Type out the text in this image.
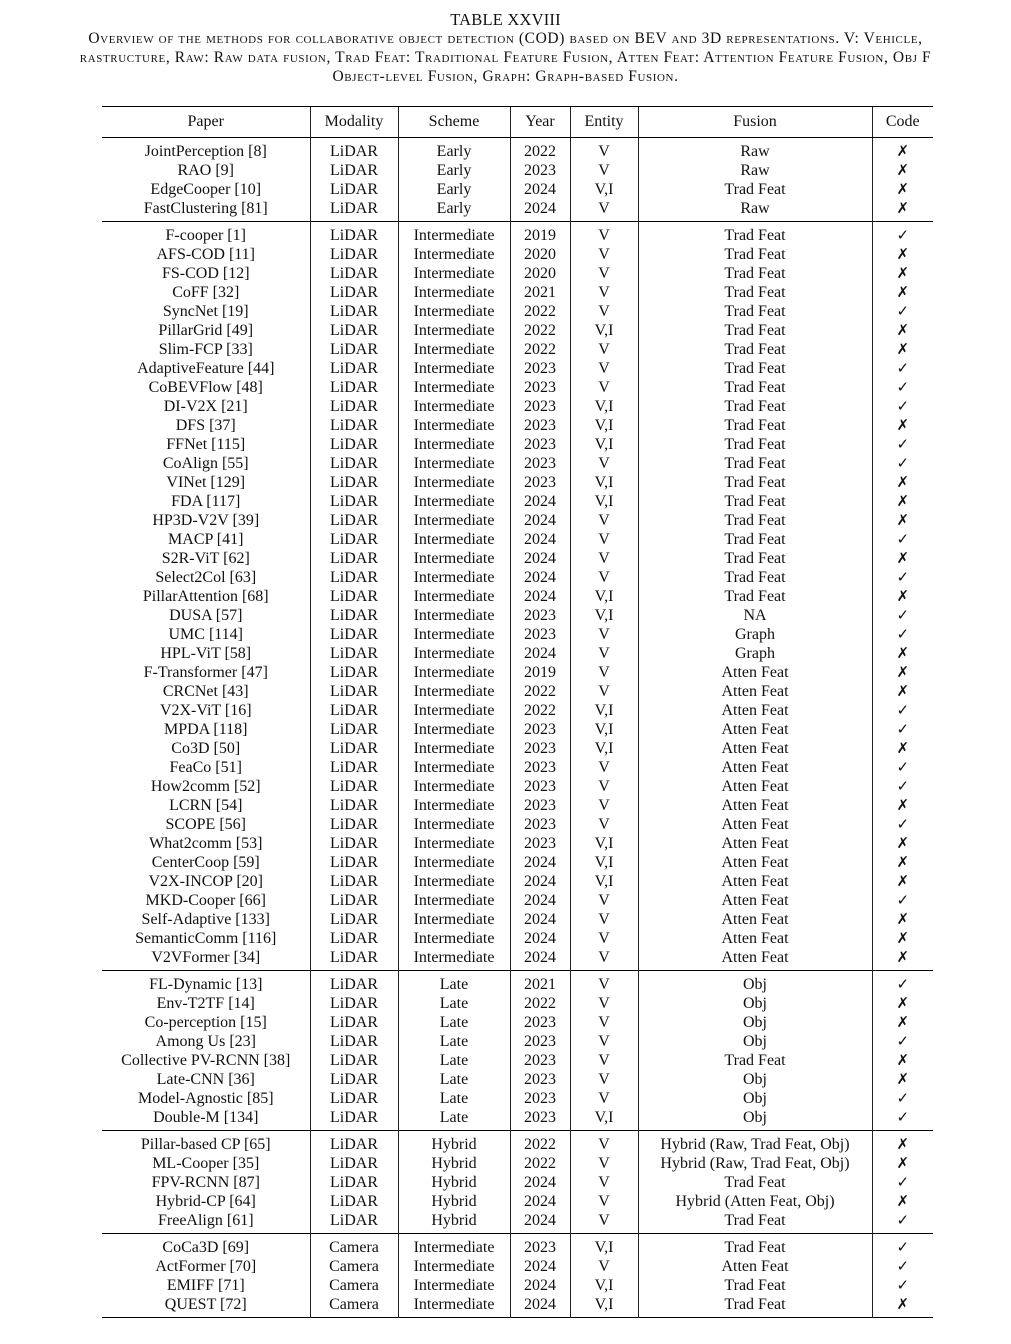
TABLE XXVIII
Overview of the methods for collaborative object detection (COD) based on BEV and 3D representations. V: Vehicle,
rastructure, Raw: Raw data fusion, Trad Feat: Traditional Feature Fusion, Atten Feat: Attention Feature Fusion, Obj F
Object-level Fusion, Graph: Graph-based Fusion.
Paper	Modality	Scheme	Year	Entity	Fusion	Code
JointPerception [8]	LiDAR	Early	2022	V	Raw	✗
RAO [9]	LiDAR	Early	2023	V	Raw	✗
EdgeCooper [10]	LiDAR	Early	2024	V,I	Trad Feat	✗
FastClustering [81]	LiDAR	Early	2024	V	Raw	✗
F-cooper [1]	LiDAR	Intermediate	2019	V	Trad Feat	✓
AFS-COD [11]	LiDAR	Intermediate	2020	V	Trad Feat	✗
FS-COD [12]	LiDAR	Intermediate	2020	V	Trad Feat	✗
CoFF [32]	LiDAR	Intermediate	2021	V	Trad Feat	✗
SyncNet [19]	LiDAR	Intermediate	2022	V	Trad Feat	✓
PillarGrid [49]	LiDAR	Intermediate	2022	V,I	Trad Feat	✗
Slim-FCP [33]	LiDAR	Intermediate	2022	V	Trad Feat	✗
AdaptiveFeature [44]	LiDAR	Intermediate	2023	V	Trad Feat	✓
CoBEVFlow [48]	LiDAR	Intermediate	2023	V	Trad Feat	✓
DI-V2X [21]	LiDAR	Intermediate	2023	V,I	Trad Feat	✓
DFS [37]	LiDAR	Intermediate	2023	V,I	Trad Feat	✗
FFNet [115]	LiDAR	Intermediate	2023	V,I	Trad Feat	✓
CoAlign [55]	LiDAR	Intermediate	2023	V	Trad Feat	✓
VINet [129]	LiDAR	Intermediate	2023	V,I	Trad Feat	✗
FDA [117]	LiDAR	Intermediate	2024	V,I	Trad Feat	✗
HP3D-V2V [39]	LiDAR	Intermediate	2024	V	Trad Feat	✗
MACP [41]	LiDAR	Intermediate	2024	V	Trad Feat	✓
S2R-ViT [62]	LiDAR	Intermediate	2024	V	Trad Feat	✗
Select2Col [63]	LiDAR	Intermediate	2024	V	Trad Feat	✓
PillarAttention [68]	LiDAR	Intermediate	2024	V,I	Trad Feat	✗
DUSA [57]	LiDAR	Intermediate	2023	V,I	NA	✓
UMC [114]	LiDAR	Intermediate	2023	V	Graph	✓
HPL-ViT [58]	LiDAR	Intermediate	2024	V	Graph	✗
F-Transformer [47]	LiDAR	Intermediate	2019	V	Atten Feat	✗
CRCNet [43]	LiDAR	Intermediate	2022	V	Atten Feat	✗
V2X-ViT [16]	LiDAR	Intermediate	2022	V,I	Atten Feat	✓
MPDA [118]	LiDAR	Intermediate	2023	V,I	Atten Feat	✓
Co3D [50]	LiDAR	Intermediate	2023	V,I	Atten Feat	✗
FeaCo [51]	LiDAR	Intermediate	2023	V	Atten Feat	✓
How2comm [52]	LiDAR	Intermediate	2023	V	Atten Feat	✓
LCRN [54]	LiDAR	Intermediate	2023	V	Atten Feat	✗
SCOPE [56]	LiDAR	Intermediate	2023	V	Atten Feat	✓
What2comm [53]	LiDAR	Intermediate	2023	V,I	Atten Feat	✗
CenterCoop [59]	LiDAR	Intermediate	2024	V,I	Atten Feat	✗
V2X-INCOP [20]	LiDAR	Intermediate	2024	V,I	Atten Feat	✗
MKD-Cooper [66]	LiDAR	Intermediate	2024	V	Atten Feat	✓
Self-Adaptive [133]	LiDAR	Intermediate	2024	V	Atten Feat	✗
SemanticComm [116]	LiDAR	Intermediate	2024	V	Atten Feat	✗
V2VFormer [34]	LiDAR	Intermediate	2024	V	Atten Feat	✗
FL-Dynamic [13]	LiDAR	Late	2021	V	Obj	✓
Env-T2TF [14]	LiDAR	Late	2022	V	Obj	✗
Co-perception [15]	LiDAR	Late	2023	V	Obj	✗
Among Us [23]	LiDAR	Late	2023	V	Obj	✓
Collective PV-RCNN [38]	LiDAR	Late	2023	V	Trad Feat	✗
Late-CNN [36]	LiDAR	Late	2023	V	Obj	✗
Model-Agnostic [85]	LiDAR	Late	2023	V	Obj	✓
Double-M [134]	LiDAR	Late	2023	V,I	Obj	✓
Pillar-based CP [65]	LiDAR	Hybrid	2022	V	Hybrid (Raw, Trad Feat, Obj)	✗
ML-Cooper [35]	LiDAR	Hybrid	2022	V	Hybrid (Raw, Trad Feat, Obj)	✗
FPV-RCNN [87]	LiDAR	Hybrid	2024	V	Trad Feat	✓
Hybrid-CP [64]	LiDAR	Hybrid	2024	V	Hybrid (Atten Feat, Obj)	✗
FreeAlign [61]	LiDAR	Hybrid	2024	V	Trad Feat	✓
CoCa3D [69]	Camera	Intermediate	2023	V,I	Trad Feat	✓
ActFormer [70]	Camera	Intermediate	2024	V	Atten Feat	✓
EMIFF [71]	Camera	Intermediate	2024	V,I	Trad Feat	✓
QUEST [72]	Camera	Intermediate	2024	V,I	Trad Feat	✗
